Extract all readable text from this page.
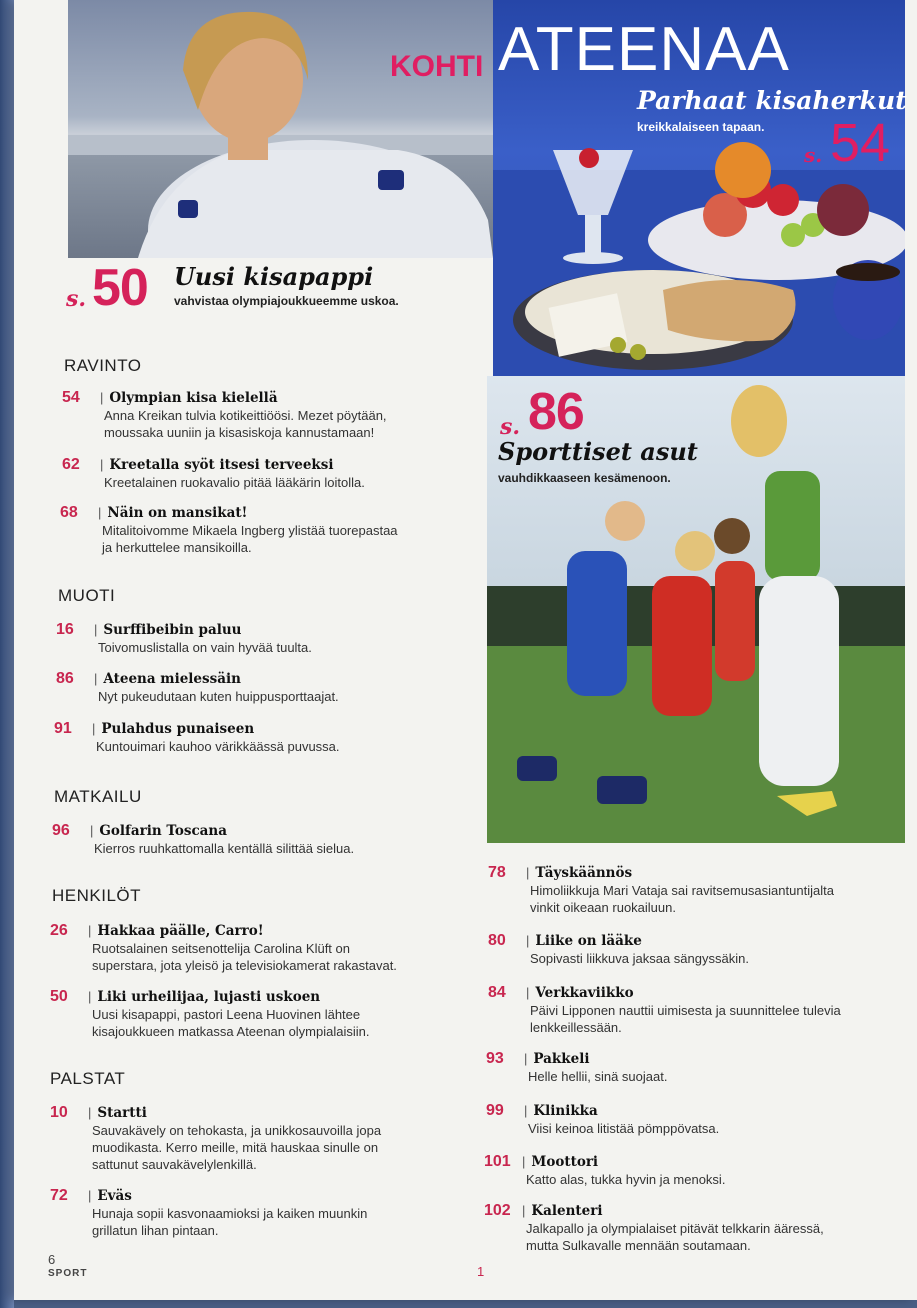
KOHTI ATEENAA
Parhaat kisaherkut
kreikkalaiseen tapaan.
s. 54
s. 50 Uusi kisapappi
vahvistaa olympiajoukkueemme uskoa.
s. 86
Sporttiset asut
vauhdikkaaseen kesämenoon.
RAVINTO
54 | Olympian kisa kielellä
Anna Kreikan tulvia kotikeittiöösi. Mezet pöytään,
moussaka uuniin ja kisasiskoja kannustamaan!
62 | Kreetalla syöt itsesi terveeksi
Kreetalainen ruokavalio pitää lääkärin loitolla.
68 | Näin on mansikat!
Mitalitoivomme Mikaela Ingberg ylistää tuorepastaa
ja herkuttelee mansikoilla.
MUOTI
16 | Surffibeibin paluu
Toivomuslistalla on vain hyvää tuulta.
86 | Ateena mielessäin
Nyt pukeudutaan kuten huippusporttaajat.
91 | Pulahdus punaiseen
Kuntouimari kauhoo värikkäässä puvussa.
MATKAILU
96 | Golfarin Toscana
Kierros ruuhkattomalla kentällä silittää sielua.
HENKILÖT
26 | Hakkaa päälle, Carro!
Ruotsalainen seitsenottelija Carolina Klüft on
superstara, jota yleisö ja televisiokamerat rakastavat.
50 | Liki urheilijaa, lujasti uskoen
Uusi kisapappi, pastori Leena Huovinen lähtee
kisajoukkueen matkassa Ateenan olympialaisiin.
PALSTAT
10 | Startti
Sauvakävely on tehokasta, ja unikkosauvoilla jopa
muodikasta. Kerro meille, mitä hauskaa sinulle on
sattunut sauvakävelylenkillä.
72 | Eväs
Hunaja sopii kasvonaamioksi ja kaiken muunkin
grillatun lihan pintaan.
78 | Täyskäännös
Himoliikkuja Mari Vataja sai ravitsemusasiantuntijalta
vinkit oikeaan ruokailuun.
80 | Liike on lääke
Sopivasti liikkuva jaksaa sängyssäkin.
84 | Verkkaviikko
Päivi Lipponen nauttii uimisesta ja suunnittelee tulevia
lenkkeillessään.
93 | Pakkeli
Helle hellii, sinä suojaat.
99 | Klinikka
Viisi keinoa litistää pömppövatsa.
101 | Moottori
Katto alas, tukka hyvin ja menoksi.
102 | Kalenteri
Jalkapallo ja olympialaiset pitävät telkkarin ääressä,
mutta Sulkavalle mennään soutamaan.
6
SPORT	1
